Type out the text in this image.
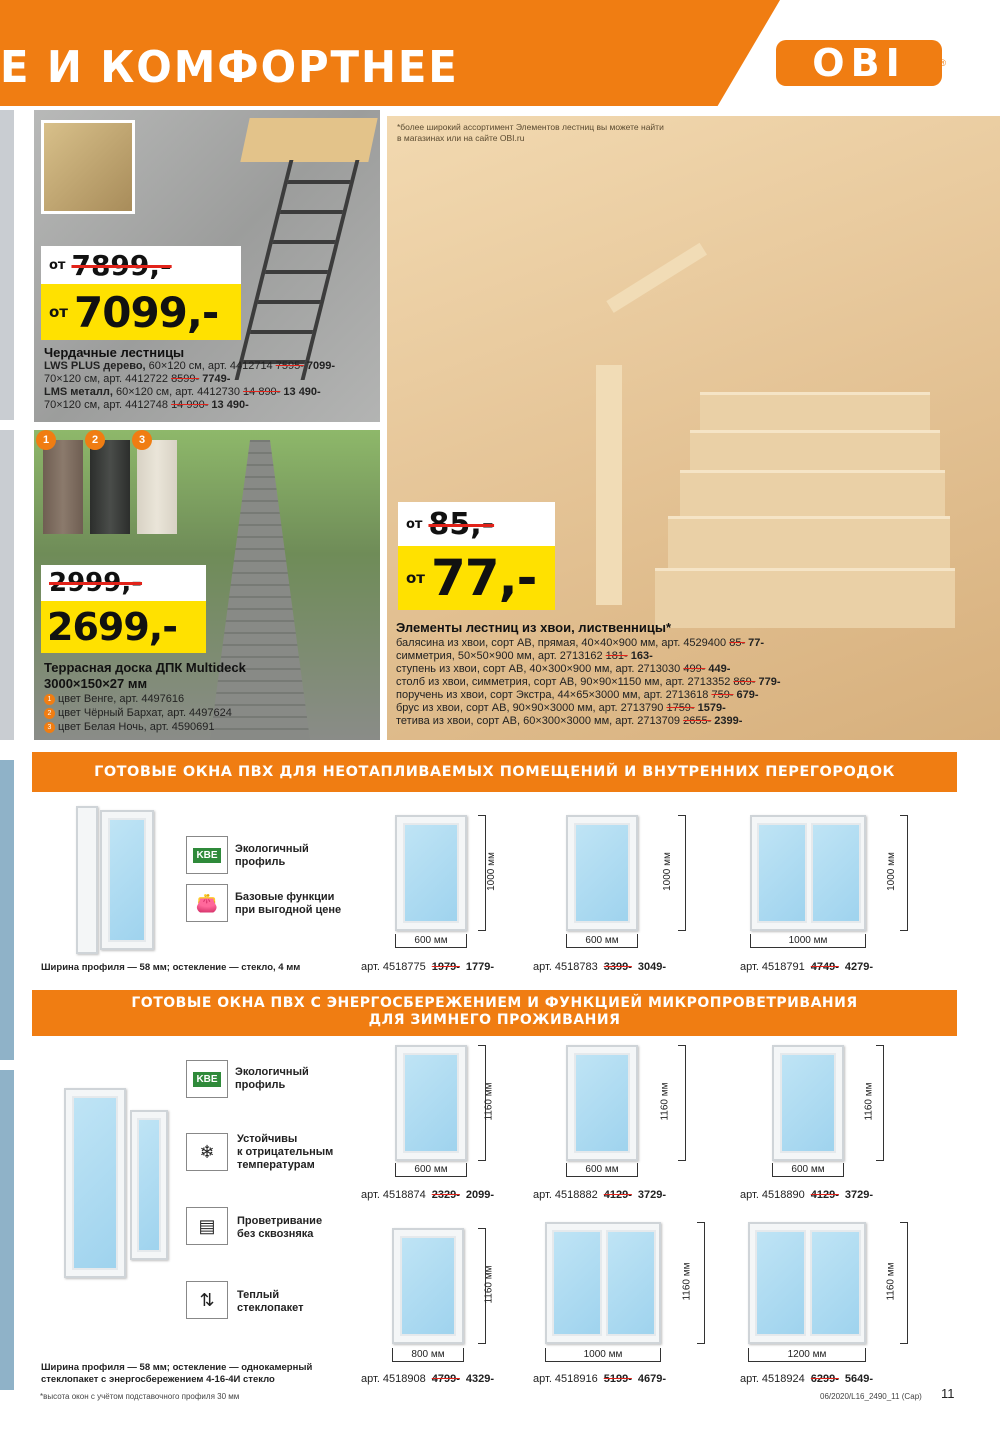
Е И КОМФОРТНЕЕ	OBI	®
от 7899,-
от 7099,-
Чердачные лестницы
LWS PLUS дерево, 60×120 см, арт. 4412714 7595- 7099-
70×120 см, арт. 4412722 8599- 7749-
LMS металл, 60×120 см, арт. 4412730 14 890- 13 490-
70×120 см, арт. 4412748 14 990- 13 490-
1	2	3
2999,-
2699,-
Террасная доска ДПК Multideck
3000×150×27 мм
1 цвет Венге, арт. 4497616
2 цвет Чёрный Бархат, арт. 4497624
3 цвет Белая Ночь, арт. 4590691
*более широкий ассортимент Элементов лестниц вы можете найти в магазинах или на сайте OBI.ru
от 85,-
от 77,-
Элементы лестниц из хвои, лиственницы*
балясина из хвои, сорт АВ, прямая, 40×40×900 мм, арт. 4529400 85- 77-
симметрия, 50×50×900 мм, арт. 2713162 181- 163-
ступень из хвои, сорт АВ, 40×300×900 мм, арт. 2713030 499- 449-
столб из хвои, симметрия, сорт АВ, 90×90×1150 мм, арт. 2713352 869- 779-
поручень из хвои, сорт Экстра, 44×65×3000 мм, арт. 2713618 759- 679-
брус из хвои, сорт АВ, 90×90×3000 мм, арт. 2713790 1759- 1579-
тетива из хвои, сорт АВ, 60×300×3000 мм, арт. 2713709 2655- 2399-
ГОТОВЫЕ ОКНА ПВХ ДЛЯ НЕОТАПЛИВАЕМЫХ ПОМЕЩЕНИЙ И ВНУТРЕННИХ ПЕРЕГОРОДОК
KBE Экологичный
профиль
👛	Базовые функции
при выгодной цене
Ширина профиля — 58 мм; остекление — стекло, 4 мм
1000 мм
600 мм
арт. 4518775 1979- 1779-
1000 мм
600 мм
арт. 4518783 3399- 3049-
1000 мм
1000 мм
арт. 4518791 4749- 4279-
ГОТОВЫЕ ОКНА ПВХ С ЭНЕРГОСБЕРЕЖЕНИЕМ И ФУНКЦИЕЙ МИКРОПРОВЕТРИВАНИЯ
ДЛЯ ЗИМНЕГО ПРОЖИВАНИЯ
KBE
Экологичный
профиль
❄
Устойчивы
к отрицательным
температурам
▤	Проветривание
без сквозняка
⇅	Теплый
стеклопакет
Ширина профиля — 58 мм; остекление — однокамерный
стеклопакет с энергосбережением 4-16-4И стекло
1160 мм
600 мм
арт. 4518874 2329- 2099-
1160 мм
600 мм
арт. 4518882 4129- 3729-
1160 мм
600 мм
арт. 4518890 4129- 3729-
1160 мм
800 мм
арт. 4518908 4799- 4329-
1160 мм
1000 мм
арт. 4518916 5199- 4679-
1160 мм
1200 мм
арт. 4518924 6299- 5649-
*высота окон с учётом подставочного профиля 30 мм	06/2020/L16_2490_11 (Сар) 11
